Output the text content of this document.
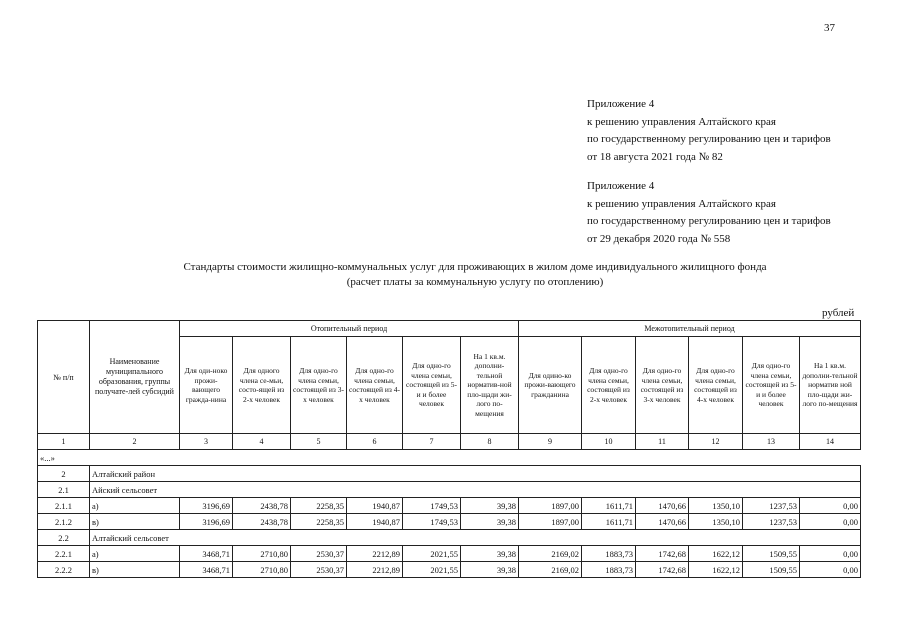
37
Приложение 4
к решению управления Алтайского края
по государственному регулированию цен и тарифов
от 18 августа 2021 года № 82
Приложение 4
к решению управления Алтайского края
по государственному регулированию цен и тарифов
от 29 декабря 2020 года № 558
Стандарты стоимости жилищно-коммунальных услуг для проживающих в жилом доме индивидуального жилищного фонда
(расчет платы за коммунальную услугу по отоплению)
рублей
№ п/п	Наименование муниципального образования, группы получате-лей субсидий	Отопительный период						Межотопительный период					
		Для оди-ноко прожи-вающего гражда-нина	Для одного члена се-мьи, состо-ящей из 2-х человек	Для одно-го члена семьи, состоящей из 3-х человек	Для одно-го члена семьи, состоящей из 4-х человек	Для одно-го члена семьи, состоящей из 5-и и более человек	На 1 кв.м. дополни-тельной норматив-ной пло-щади жи-лого по-мещения	Для одино-ко прожи-вающего гражданина	Для одно-го члена семьи, состоящей из 2-х человек	Для одно-го члена семьи, состоящей из 3-х человек	Для одно-го члена семьи, состоящей из 4-х человек	Для одно-го члена семьи, состоящей из 5-и и более человек	На 1 кв.м. дополни-тельной норматив ной пло-щади жи-лого по-мещения
1	2	3	4	5	6	7	8	9	10	11	12	13	14
«...»													
2	Алтайский район												
2.1	Айский сельсовет												
2.1.1	а)	3196,69	2438,78	2258,35	1940,87	1749,53	39,38	1897,00	1611,71	1470,66	1350,10	1237,53	0,00
2.1.2	в)	3196,69	2438,78	2258,35	1940,87	1749,53	39,38	1897,00	1611,71	1470,66	1350,10	1237,53	0,00
2.2	Алтайский сельсовет												
2.2.1	а)	3468,71	2710,80	2530,37	2212,89	2021,55	39,38	2169,02	1883,73	1742,68	1622,12	1509,55	0,00
2.2.2	в)	3468,71	2710,80	2530,37	2212,89	2021,55	39,38	2169,02	1883,73	1742,68	1622,12	1509,55	0,00
